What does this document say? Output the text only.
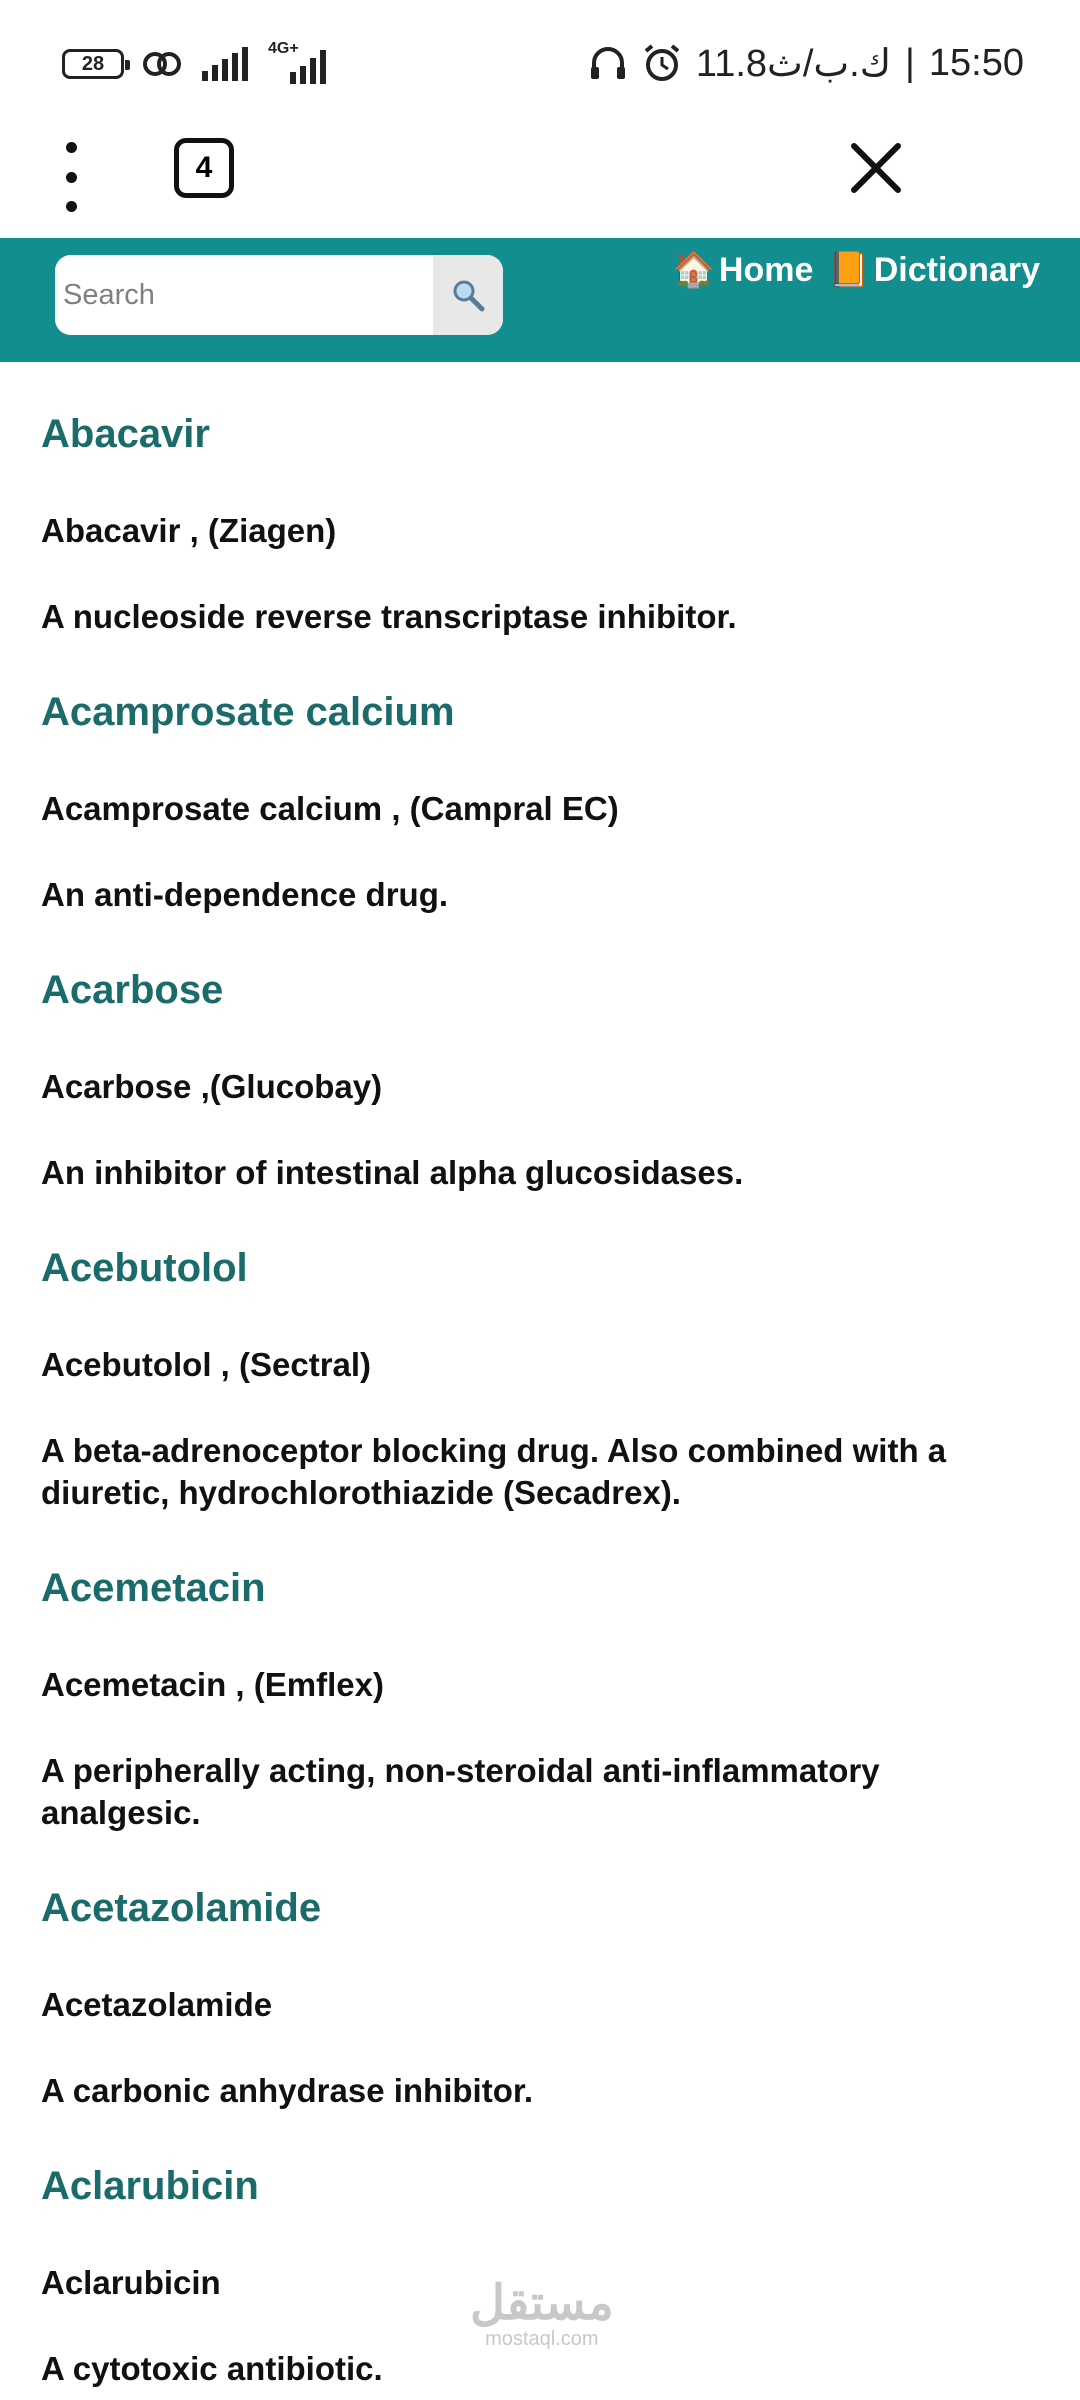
28
4G+	11.8ك.ب/ث | 15:50
4
Search
🏠 Home 📙 Dictionary
Abacavir
Abacavir , (Ziagen)
A nucleoside reverse transcriptase inhibitor.
Acamprosate calcium
Acamprosate calcium , (Campral EC)
An anti-dependence drug.
Acarbose
Acarbose ,(Glucobay)
An inhibitor of intestinal alpha glucosidases.
Acebutolol
Acebutolol , (Sectral)
A beta-adrenoceptor blocking drug. Also combined with a diuretic, hydrochlorothiazide (Secadrex).
Acemetacin
Acemetacin , (Emflex)
A peripherally acting, non-steroidal anti-inflammatory analgesic.
Acetazolamide
Acetazolamide
A carbonic anhydrase inhibitor.
Aclarubicin
Aclarubicin
A cytotoxic antibiotic.
مستقل
mostaql.com
